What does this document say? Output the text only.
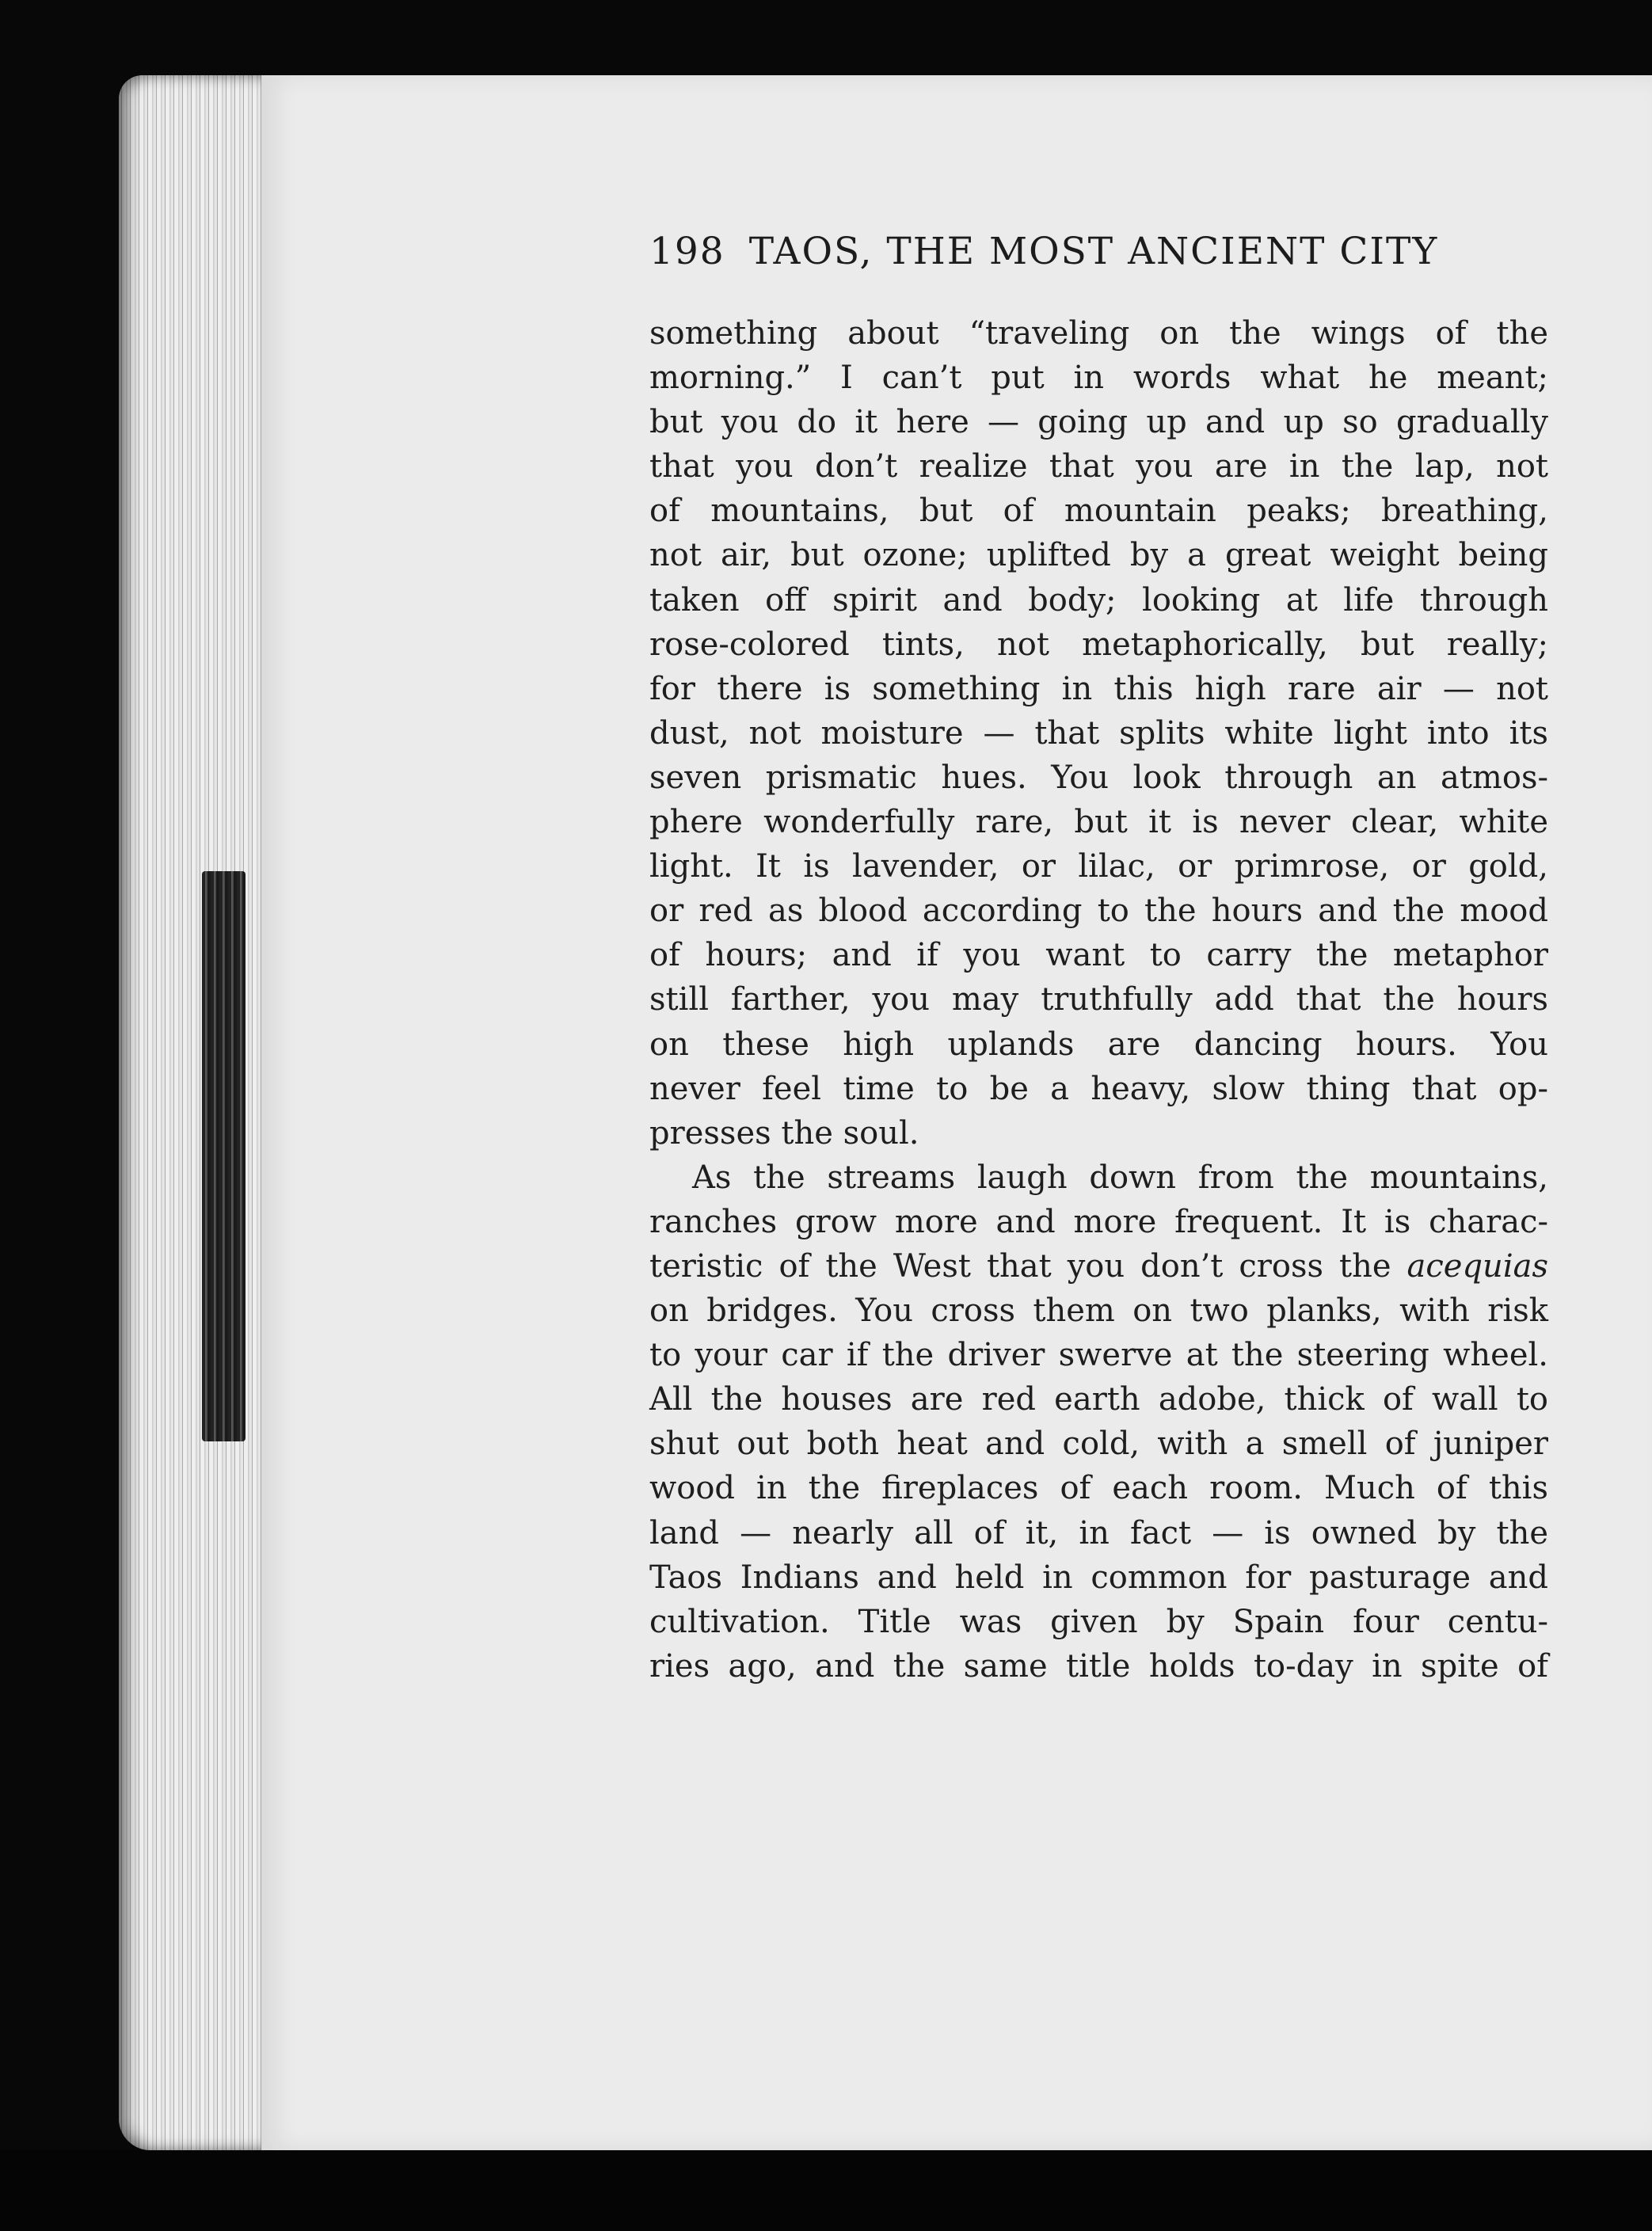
198 TAOS, THE MOST ANCIENT CITY
something about “traveling on the wings of the
morning.” I can’t put in words what he meant;
but you do it here — going up and up so gradually
that you don’t realize that you are in the lap, not
of mountains, but of mountain peaks; breathing,
not air, but ozone; uplifted by a great weight being
taken off spirit and body; looking at life through
rose-colored tints, not metaphorically, but really;
for there is something in this high rare air — not
dust, not moisture — that splits white light into its
seven prismatic hues. You look through an atmos-
phere wonderfully rare, but it is never clear, white
light. It is lavender, or lilac, or primrose, or gold,
or red as blood according to the hours and the mood
of hours; and if you want to carry the metaphor
still farther, you may truthfully add that the hours
on these high uplands are dancing hours. You
never feel time to be a heavy, slow thing that op-
presses the soul.
As the streams laugh down from the mountains,
ranches grow more and more frequent. It is charac-
teristic of the West that you don’t cross the acequias
on bridges. You cross them on two planks, with risk
to your car if the driver swerve at the steering wheel.
All the houses are red earth adobe, thick of wall to
shut out both heat and cold, with a smell of juniper
wood in the fireplaces of each room. Much of this
land — nearly all of it, in fact — is owned by the
Taos Indians and held in common for pasturage and
cultivation. Title was given by Spain four centu-
ries ago, and the same title holds to-day in spite of
